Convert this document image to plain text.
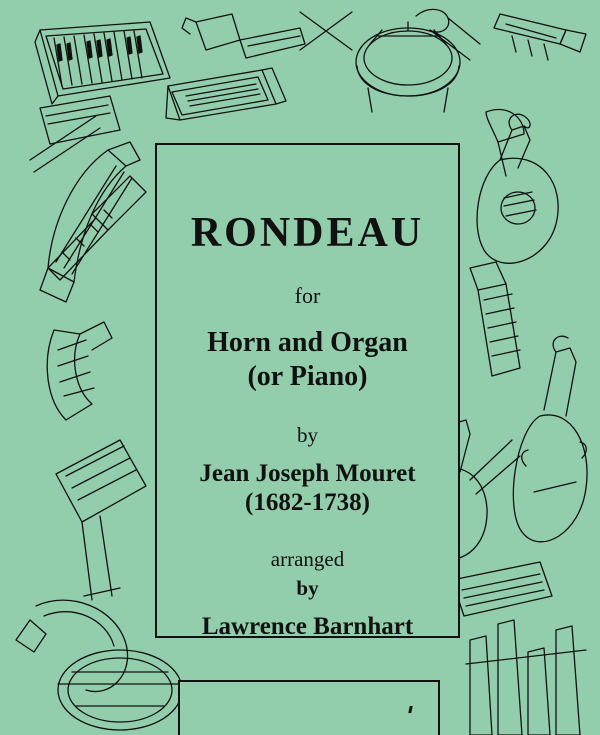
RONDEAU
for
Horn and Organ
(or Piano)
by
Jean Joseph Mouret
(1682-1738)
arranged
by
Lawrence Barnhart
